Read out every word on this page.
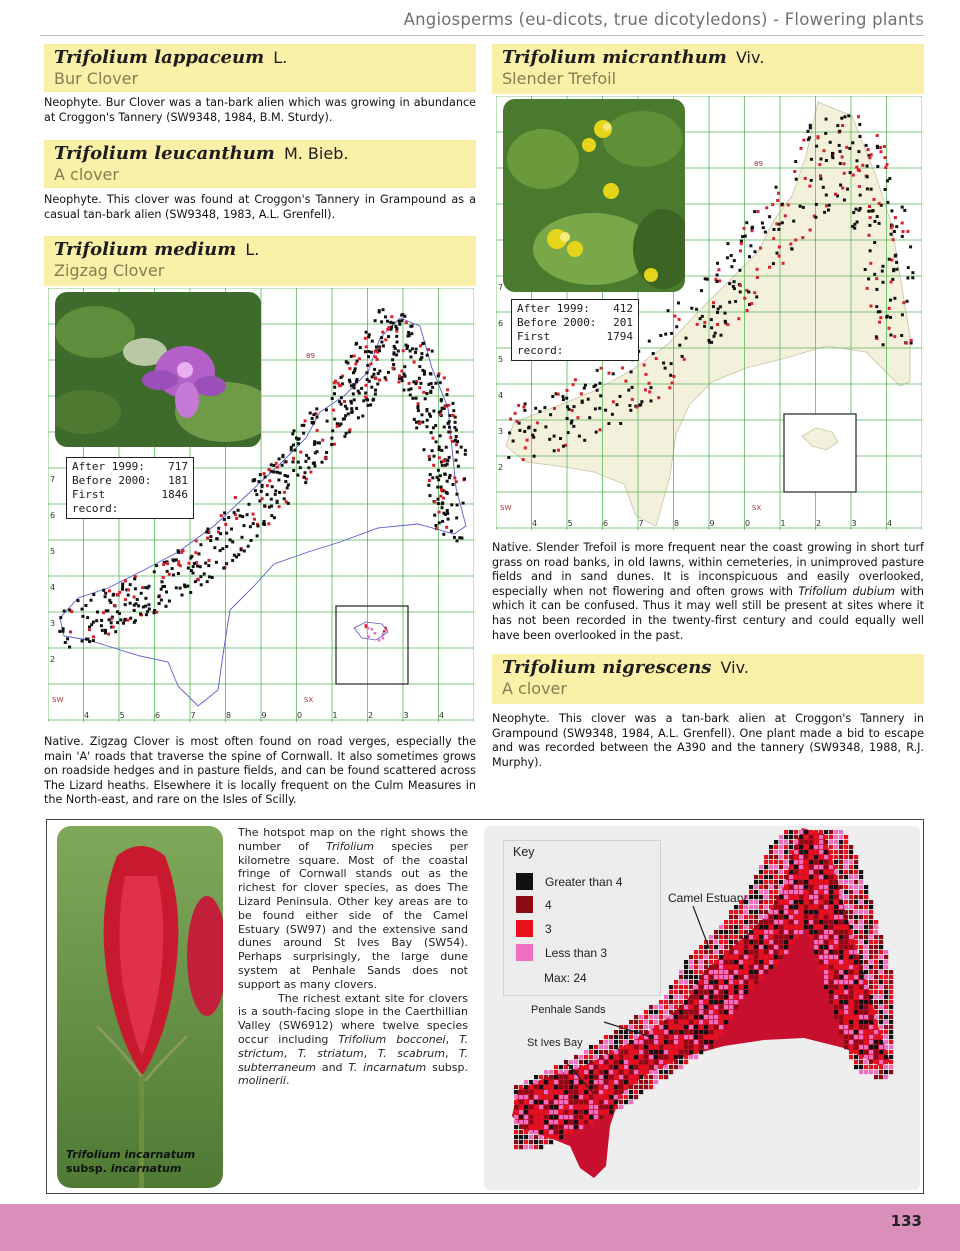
Angiosperms (eu-dicots, true dicotyledons) - Flowering plants
Trifolium lappaceum L.
Bur Clover
Neophyte. Bur Clover was a tan-bark alien which was growing in abundance at Croggon's Tannery (SW9348, 1984, B.M. Sturdy).
Trifolium leucanthum M. Bieb.
A clover
Neophyte. This clover was found at Croggon's Tannery in Grampound as a casual tan-bark alien (SW9348, 1983, A.L. Grenfell).
Trifolium medium L.
Zigzag Clover
89
SW	SX
4	5	6	7	8	9	0	1	2	3	4
7
6
5
4
3
2
After 1999: 717
Before 2000: 181
First record:
1846
Native. Zigzag Clover is most often found on road verges, especially the main 'A' roads that traverse the spine of Cornwall. It also sometimes grows on roadside hedges and in pasture fields, and can be found scattered across The Lizard heaths. Elsewhere it is locally frequent on the Culm Measures in the North-east, and rare on the Isles of Scilly.
Trifolium micranthum Viv.
Slender Trefoil
89
SW	SX
4	5	6	7	8	9	0	1	2	3	4
7
6
5
4
3
2
After 1999: 412
Before 2000: 201
First record:
1794
Native. Slender Trefoil is more frequent near the coast growing in short turf grass on road banks, in old lawns, within cemeteries, in unimproved pasture fields and in sand dunes. It is inconspicuous and easily overlooked, especially when not flowering and often grows with Trifolium dubium with which it can be confused. Thus it may well still be present at sites where it has not been recorded in the twenty-first century and could equally well have been overlooked in the past.
Trifolium nigrescens Viv.
A clover
Neophyte. This clover was a tan-bark alien at Croggon's Tannery in Grampound (SW9348, 1984, A.L. Grenfell). One plant made a bid to escape and was recorded between the A390 and the tannery (SW9348, 1988, R.J. Murphy).
Trifolium incarnatum
subsp. incarnatum

The hotspot map on the right shows the number of Trifolium species per kilometre square. Most of the coastal fringe of Cornwall stands out as the richest for clover species, as does The Lizard Peninsula. Other key areas are to be found either side of the Camel Estuary (SW97) and the extensive sand dunes around St Ives Bay (SW54). Perhaps surprisingly, the large dune system at Penhale Sands does not support as many clovers.

The richest extant site for clovers is a south-facing slope in the Caerthillian Valley (SW6912) where twelve species occur including Trifolium bocconei, T. strictum, T. striatum, T. scabrum, T. subterraneum and T. incarnatum subsp. molinerii.

Key
Greater than 4
4
3
Less than 3
Max: 24
Camel Estuary
Penhale Sands
St Ives Bay
133
